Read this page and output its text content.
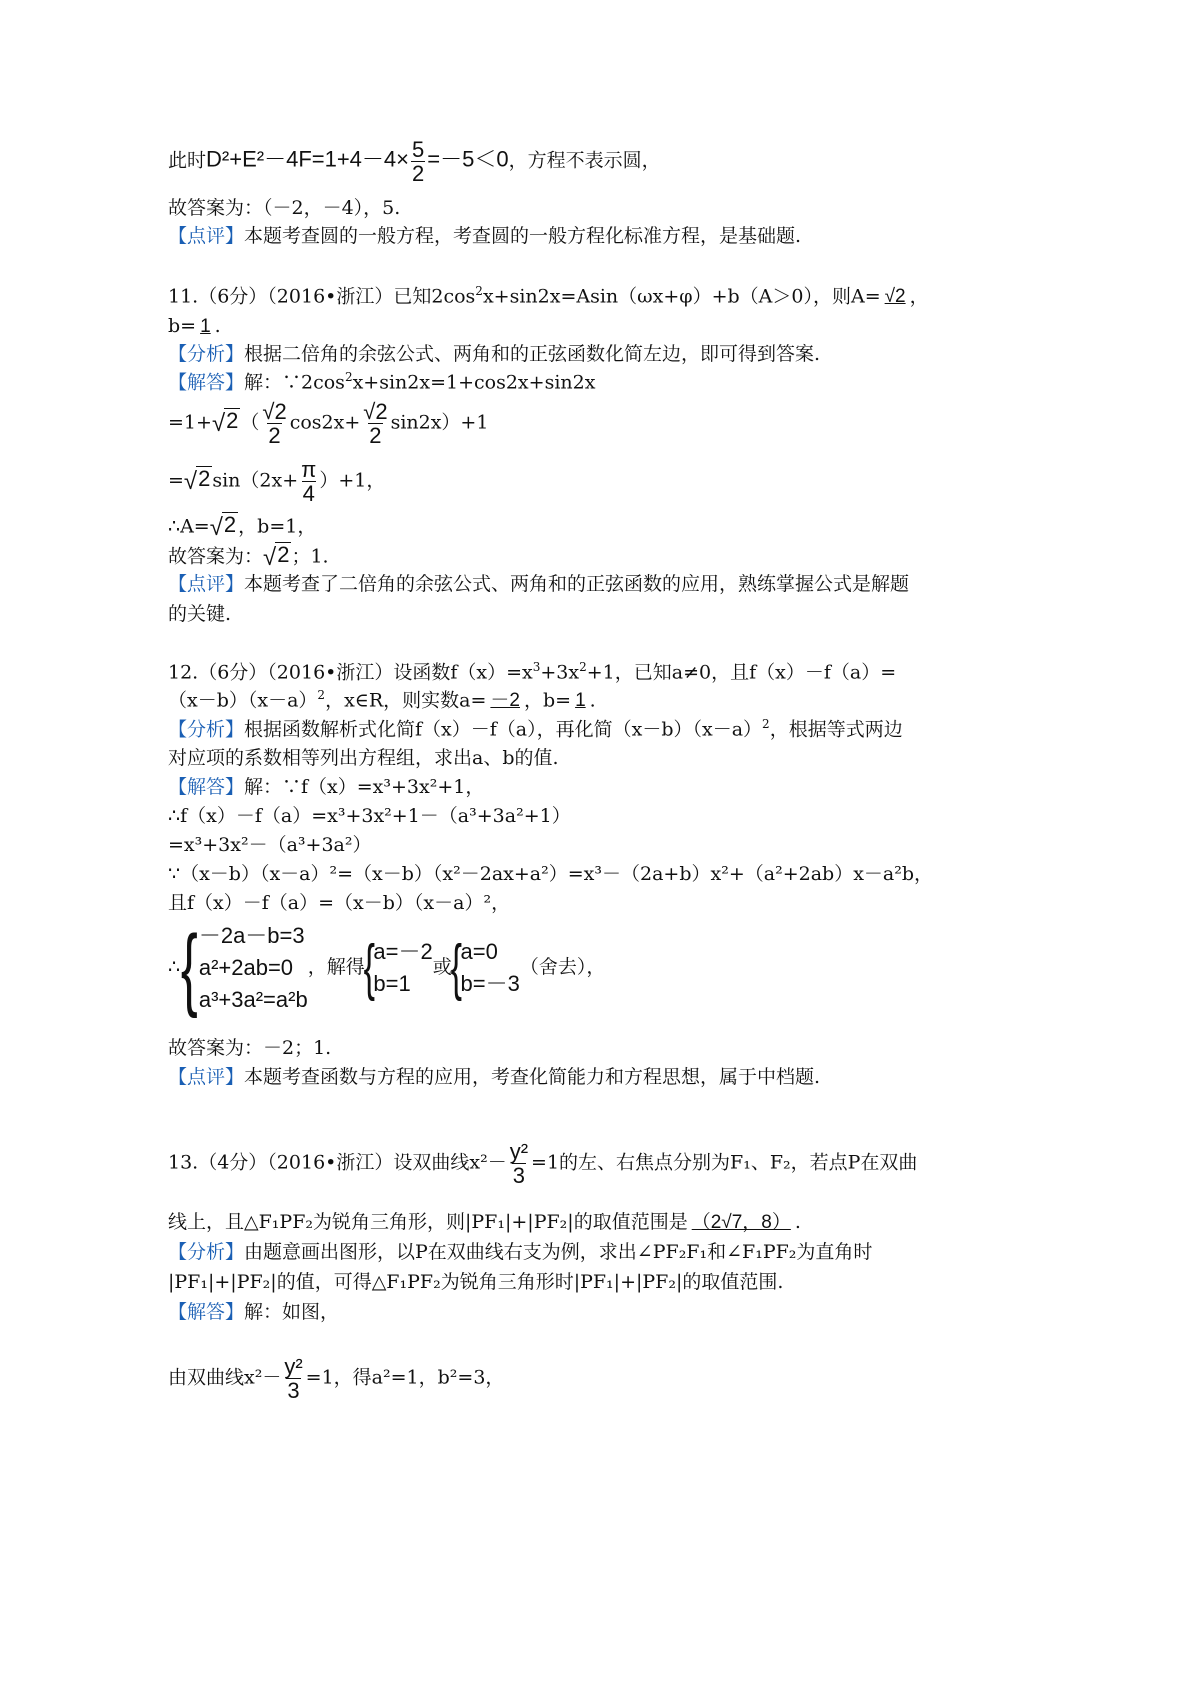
此时$D^2+E^2-4F=1+4-4\times \frac{5}{2} =-5<0$，方程不表示圆，

故答案为：（－2，－4），5.

【点评】本题考查圆的一般方程，考查圆的一般方程化标准方程，是基础题.

11.（6分）（2016•浙江）已知$2\cos^2x+\sin 2x=Asin(\omega x+\varphi)+b(A>0)$，则A= √2 ，

b= 1 .

【分析】根据二倍角的余弦公式、两角和的正弦函数化简左边，即可得到答案.

【解答】解：$\because 2\cos^2x+\sin 2x=1+\cos 2x+\sin 2x$

=1+ √ 2 （ $\frac{√2}{2} \cos 2x+ \frac{√2}{2} \sin 2x)+1$

= √ 2 $\sin(2x+ \frac{\pi}{4} )+1$，

∴A= √ 2 ，b=1，

故答案为： √ 2 ；1.

【点评】本题考查了二倍角的余弦公式、两角和的正弦函数的应用，熟练掌握公式是解题

的关键.

12.（6分）（2016•浙江）设函数$f(x)=x^3+3x^2+1$，已知a≠0，且f（x）－f（a）=

$(x-b)(x-a)^2$，x∈R，则实数a= －2 ，b= 1 .

【分析】根据函数解析式化简f（x）－f（a），再化简$(x-b)(x-a)^2$，根据等式两边

对应项的系数相等列出方程组，求出a、b的值.

【解答】解：∵f（x）=x³+3x²+1，

∴f（x）－f（a）=x³+3x²+1－（a³+3a²+1）

=x³+3x²－（a³+3a²）

∵（x－b）（x－a）²=（x－b）（x²－2ax+a²）=x³－（2a+b）x²+（a²+2ab）x－a²b，

且f（x）－f（a）=（x－b）（x－a）²，

∴ { －2a－b=3
a²+2ab=0
a³+3a²=a²b
，解得
{
a=－2
b=1
或
{
a=0
b=－3
（舍去），

故答案为：－2；1.

【点评】本题考查函数与方程的应用，考查化简能力和方程思想，属于中档题.

13.（4分）（2016•浙江）设双曲线$x^2- \frac{\text{y²}}{3} =1$的左、右焦点分别为F₁、F₂，若点P在双曲

线上，且△F₁PF₂为锐角三角形，则|PF₁|+|PF₂|的取值范围是 （2√7，8） .

【分析】由题意画出图形，以P在双曲线右支为例，求出∠PF₂F₁和∠F₁PF₂为直角时

|PF₁|+|PF₂|的值，可得△F₁PF₂为锐角三角形时|PF₁|+|PF₂|的取值范围.

【解答】解：如图，

由双曲线$x^2- \frac{\text{y²}}{3} =1$，得a²=1，b²=3，
